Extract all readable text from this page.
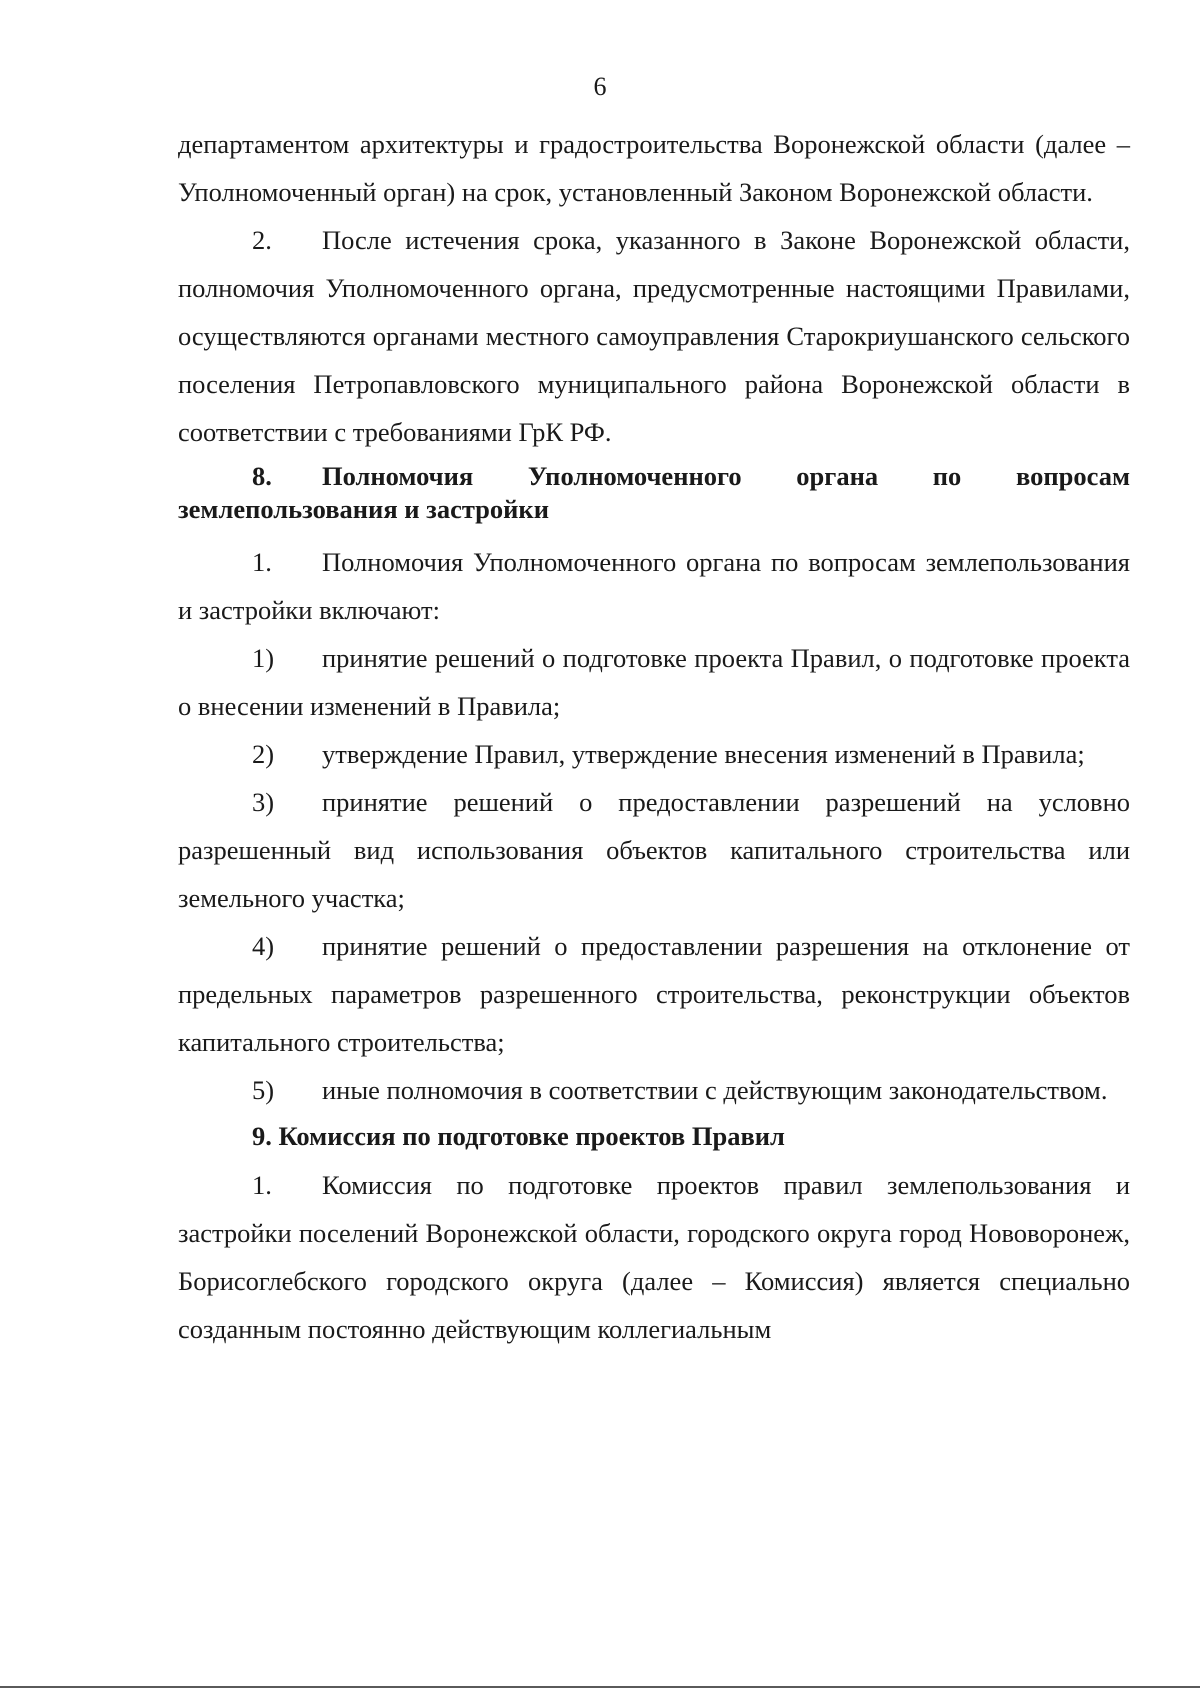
6

департаментом архитектуры и градостроительства Воронежской области (далее – Уполномоченный орган) на срок, установленный Законом Воронежской области.

2. После истечения срока, указанного в Законе Воронежской области, полномочия Уполномоченного органа, предусмотренные настоящими Правилами, осуществляются органами местного самоуправления Старокриушанского сельского поселения Петропавловского муниципального района Воронежской области в соответствии с требованиями ГрК РФ.

8. Полномочия Уполномоченного органа по вопросам землепользования и застройки

1. Полномочия Уполномоченного органа по вопросам землепользования и застройки включают:

1) принятие решений о подготовке проекта Правил, о подготовке проекта о внесении изменений в Правила;

2) утверждение Правил, утверждение внесения изменений в Правила;

3) принятие решений о предоставлении разрешений на условно разрешенный вид использования объектов капитального строительства или земельного участка;

4) принятие решений о предоставлении разрешения на отклонение от предельных параметров разрешенного строительства, реконструкции объектов капитального строительства;

5) иные полномочия в соответствии с действующим законодательством.

9. Комиссия по подготовке проектов Правил

1. Комиссия по подготовке проектов правил землепользования и застройки поселений Воронежской области, городского округа город Нововоронеж, Борисоглебского городского округа (далее – Комиссия) является специально созданным постоянно действующим коллегиальным
